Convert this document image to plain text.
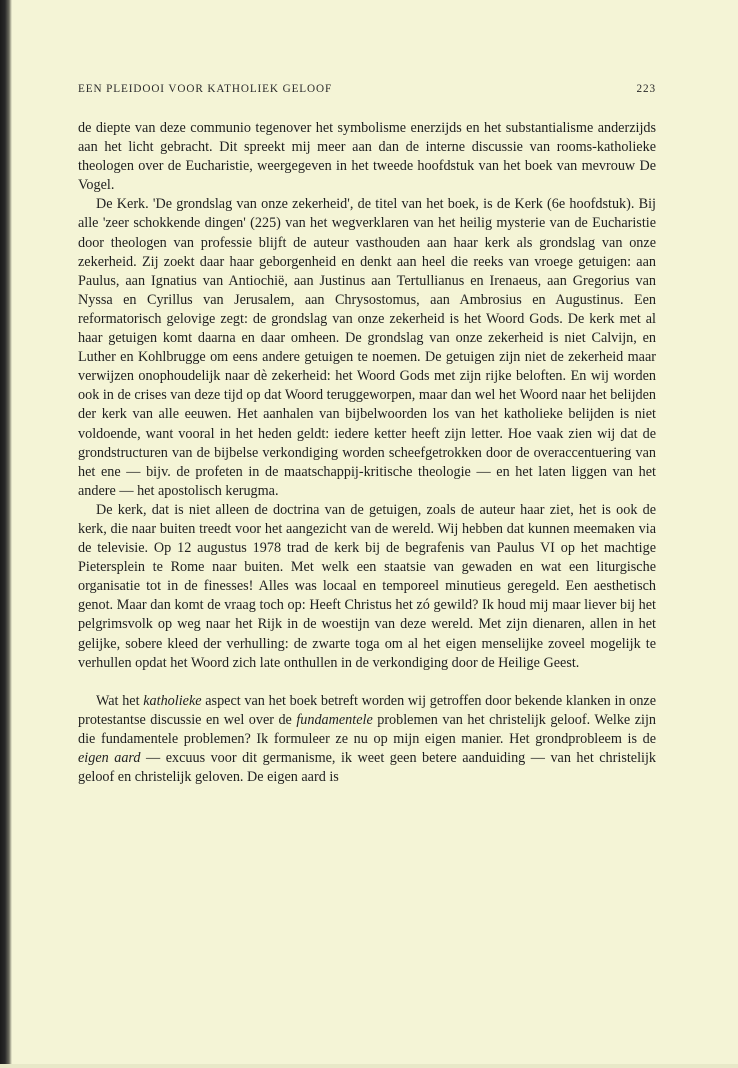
EEN PLEIDOOI VOOR KATHOLIEK GELOOF	223

de diepte van deze communio tegenover het symbolisme enerzijds en het substantialisme anderzijds aan het licht gebracht. Dit spreekt mij meer aan dan de interne discussie van rooms-katholieke theologen over de Eucharistie, weergegeven in het tweede hoofdstuk van het boek van mevrouw De Vogel.

De Kerk. 'De grondslag van onze zekerheid', de titel van het boek, is de Kerk (6e hoofdstuk). Bij alle 'zeer schokkende dingen' (225) van het wegverklaren van het heilig mysterie van de Eucharistie door theologen van professie blijft de auteur vasthouden aan haar kerk als grondslag van onze zekerheid. Zij zoekt daar haar geborgenheid en denkt aan heel die reeks van vroege getuigen: aan Paulus, aan Ignatius van Antiochië, aan Justinus aan Tertullianus en Irenaeus, aan Gregorius van Nyssa en Cyrillus van Jerusalem, aan Chrysostomus, aan Ambrosius en Augustinus. Een reformatorisch gelovige zegt: de grondslag van onze zekerheid is het Woord Gods. De kerk met al haar getuigen komt daarna en daar omheen. De grondslag van onze zekerheid is niet Calvijn, en Luther en Kohlbrugge om eens andere getuigen te noemen. De getuigen zijn niet de zekerheid maar verwijzen onophoudelijk naar dè zekerheid: het Woord Gods met zijn rijke beloften. En wij worden ook in de crises van deze tijd op dat Woord teruggeworpen, maar dan wel het Woord naar het belijden der kerk van alle eeuwen. Het aanhalen van bijbelwoorden los van het katholieke belijden is niet voldoende, want vooral in het heden geldt: iedere ketter heeft zijn letter. Hoe vaak zien wij dat de grondstructuren van de bijbelse verkondiging worden scheefgetrokken door de overaccentuering van het ene — bijv. de profeten in de maatschappij-kritische theologie — en het laten liggen van het andere — het apostolisch kerugma.

De kerk, dat is niet alleen de doctrina van de getuigen, zoals de auteur haar ziet, het is ook de kerk, die naar buiten treedt voor het aangezicht van de wereld. Wij hebben dat kunnen meemaken via de televisie. Op 12 augustus 1978 trad de kerk bij de begrafenis van Paulus VI op het machtige Pietersplein te Rome naar buiten. Met welk een staatsie van gewaden en wat een liturgische organisatie tot in de finesses! Alles was locaal en temporeel minutieus geregeld. Een aesthetisch genot. Maar dan komt de vraag toch op: Heeft Christus het zó gewild? Ik houd mij maar liever bij het pelgrimsvolk op weg naar het Rijk in de woestijn van deze wereld. Met zijn dienaren, allen in het gelijke, sobere kleed der verhulling: de zwarte toga om al het eigen menselijke zoveel mogelijk te verhullen opdat het Woord zich late onthullen in de verkondiging door de Heilige Geest.

Wat het katholieke aspect van het boek betreft worden wij getroffen door bekende klanken in onze protestantse discussie en wel over de fundamentele problemen van het christelijk geloof. Welke zijn die fundamentele problemen? Ik formuleer ze nu op mijn eigen manier. Het grondprobleem is de eigen aard — excuus voor dit germanisme, ik weet geen betere aanduiding — van het christelijk geloof en christelijk geloven. De eigen aard is
